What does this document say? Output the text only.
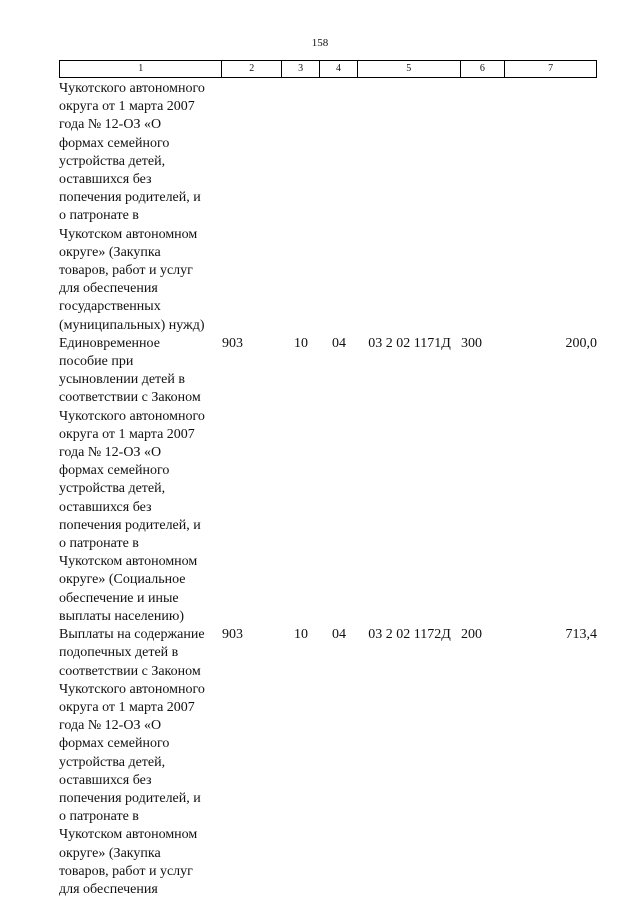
158
1	2	3	4	5	6	7
Чукотского автономного
округа от 1 марта 2007
года № 12-ОЗ «О
формах семейного
устройства детей,
оставшихся без
попечения родителей, и
о патронате в
Чукотском автономном
округе» (Закупка
товаров, работ и услуг
для обеспечения
государственных
(муниципальных) нужд)
Единовременное
пособие при
усыновлении детей в
соответствии с Законом
Чукотского автономного
округа от 1 марта 2007
года № 12-ОЗ «О
формах семейного
устройства детей,
оставшихся без
попечения родителей, и
о патронате в
Чукотском автономном
округе» (Социальное
обеспечение и иные
выплаты населению)
903	10	04	03 2 02 1171Д 300	200,0
Выплаты на содержание
подопечных детей в
соответствии с Законом
Чукотского автономного
округа от 1 марта 2007
года № 12-ОЗ «О
формах семейного
устройства детей,
оставшихся без
попечения родителей, и
о патронате в
Чукотском автономном
округе» (Закупка
товаров, работ и услуг
для обеспечения
903	10	04	03 2 02 1172Д 200	713,4
